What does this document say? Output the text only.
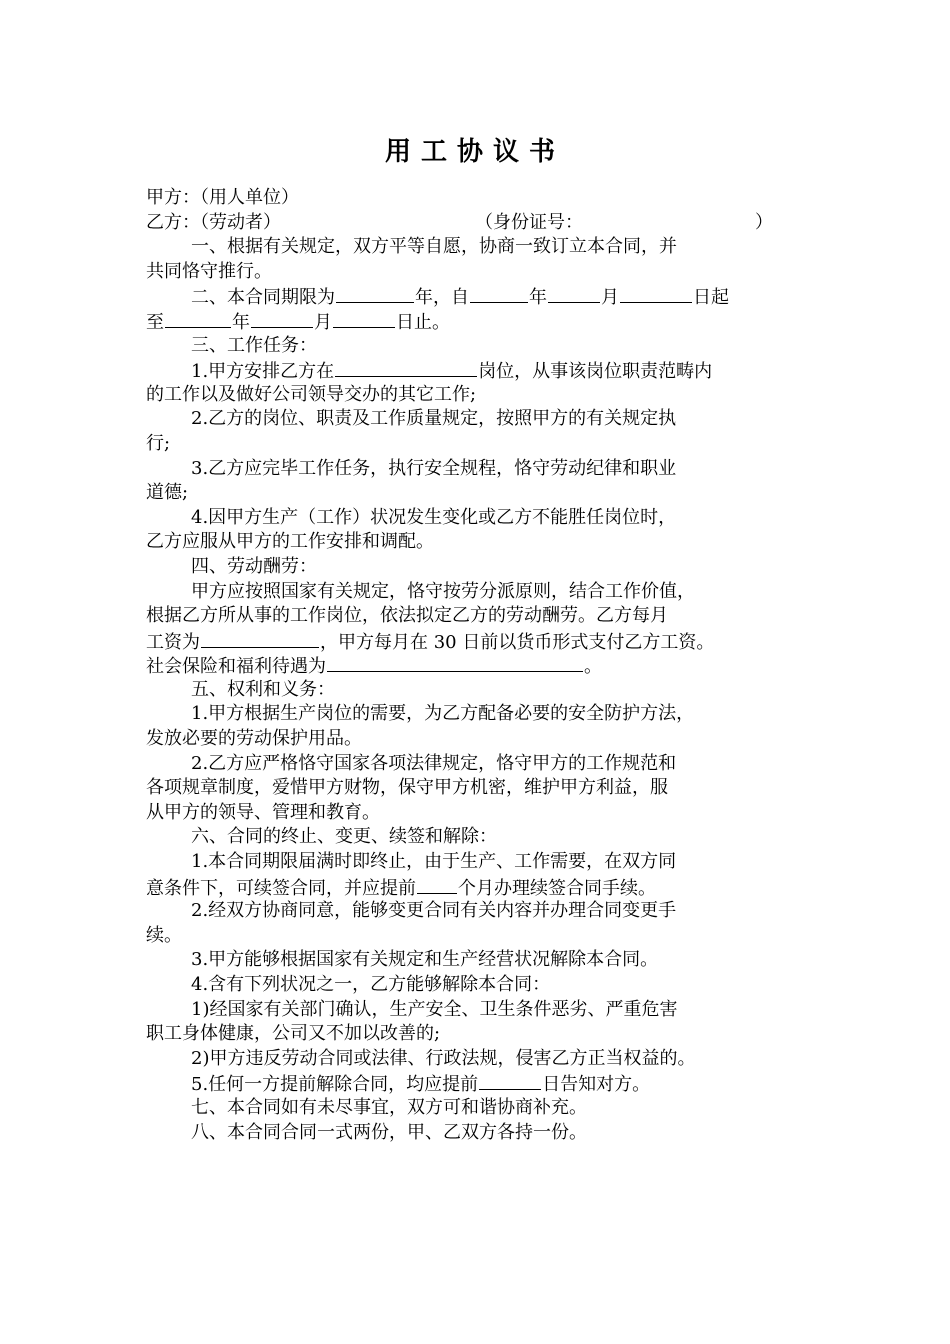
用工协议书
甲方：（用人单位）
乙方：（劳动者）	（身份证号：	）
一、根据有关规定，双方平等自愿，协商一致订立本合同，并
共同恪守推行。
二、本合同期限为	年，自	年	月	日起
至	年	月	日止。
三、工作任务：
1.甲方安排乙方在	岗位，从事该岗位职责范畴内
的工作以及做好公司领导交办的其它工作;
2.乙方的岗位、职责及工作质量规定，按照甲方的有关规定执
行;
3.乙方应完毕工作任务，执行安全规程，恪守劳动纪律和职业
道德;
4.因甲方生产（工作）状况发生变化或乙方不能胜任岗位时，
乙方应服从甲方的工作安排和调配。
四、劳动酬劳：
甲方应按照国家有关规定，恪守按劳分派原则，结合工作价值，
根据乙方所从事的工作岗位，依法拟定乙方的劳动酬劳。乙方每月
工资为	，甲方每月在 30 日前以货币形式支付乙方工资。
社会保险和福利待遇为	。
五、权利和义务：
1.甲方根据生产岗位的需要，为乙方配备必要的安全防护方法，
发放必要的劳动保护用品。
2.乙方应严格恪守国家各项法律规定，恪守甲方的工作规范和
各项规章制度，爱惜甲方财物，保守甲方机密，维护甲方利益，服
从甲方的领导、管理和教育。
六、合同的终止、变更、续签和解除：
1.本合同期限届满时即终止，由于生产、工作需要，在双方同
意条件下，可续签合同，并应提前 个月办理续签合同手续。
2.经双方协商同意，能够变更合同有关内容并办理合同变更手
续。
3.甲方能够根据国家有关规定和生产经营状况解除本合同。
4.含有下列状况之一，乙方能够解除本合同：
1)经国家有关部门确认，生产安全、卫生条件恶劣、严重危害
职工身体健康，公司又不加以改善的;
2)甲方违反劳动合同或法律、行政法规，侵害乙方正当权益的。
5.任何一方提前解除合同，均应提前	日告知对方。
七、本合同如有未尽事宜，双方可和谐协商补充。
八、本合同合同一式两份，甲、乙双方各持一份。
